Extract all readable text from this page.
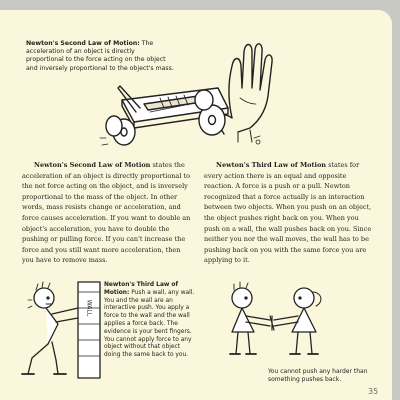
Newton's Second Law of Motion: The acceleration of an object is directly proportional to the force acting on the object and inversely proportional to the object's mass.
Newton's Second Law of Motion states the acceleration of an object is directly proportional to the net force acting on the object, and is inversely proportional to the mass of the object. In other words, mass resists change or acceleration, and force causes acceleration. If you want to double an object's acceleration, you have to double the pushing or pulling force. If you can't increase the force and you still want more acceleration, then you have to remove mass.
Newton's Third Law of Motion states for every action there is an equal and opposite reaction. A force is a push or a pull. Newton recognized that a force actually is an interaction between two objects. When you push on an object, the object pushes right back on you. When you push on a wall, the wall pushes back on you. Since neither you nor the wall moves, the wall has to be pushing back on you with the same force you are applying to it.
WALL
Newton's Third Law of Motion: Push a wall, any wall. You and the wall are an interactive push. You apply a force to the wall and the wall applies a force back. The evidence is your bent fingers. You cannot apply force to any object without that object doing the same back to you.
You cannot push any harder than something pushes back.
35
